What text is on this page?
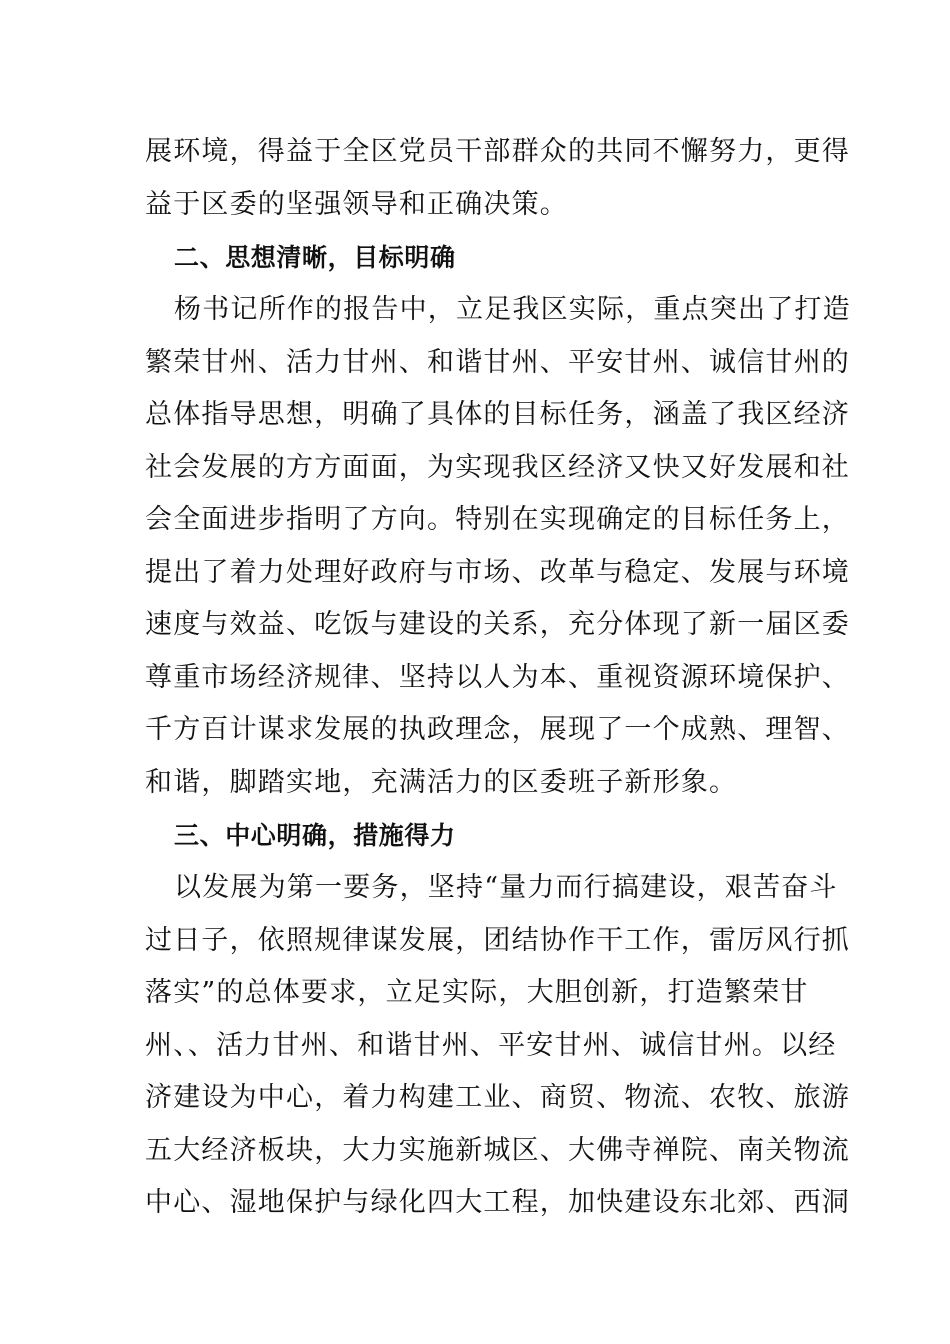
展环境，得益于全区党员干部群众的共同不懈努力，更得
益于区委的坚强领导和正确决策。
二、思想清晰，目标明确
杨书记所作的报告中，立足我区实际，重点突出了打造
繁荣甘州、活力甘州、和谐甘州、平安甘州、诚信甘州的
总体指导思想，明确了具体的目标任务，涵盖了我区经济
社会发展的方方面面，为实现我区经济又快又好发展和社
会全面进步指明了方向。特别在实现确定的目标任务上，
提出了着力处理好政府与市场、改革与稳定、发展与环境
速度与效益、吃饭与建设的关系，充分体现了新一届区委
尊重市场经济规律、坚持以人为本、重视资源环境保护、
千方百计谋求发展的执政理念，展现了一个成熟、理智、
和谐，脚踏实地，充满活力的区委班子新形象。
三、中心明确，措施得力
以发展为第一要务，坚持“量力而行搞建设，艰苦奋斗
过日子，依照规律谋发展，团结协作干工作，雷厉风行抓
落实”的总体要求，立足实际，大胆创新，打造繁荣甘
州、、活力甘州、和谐甘州、平安甘州、诚信甘州。以经
济建设为中心，着力构建工业、商贸、物流、农牧、旅游
五大经济板块，大力实施新城区、大佛寺禅院、南关物流
中心、湿地保护与绿化四大工程，加快建设东北郊、西洞
